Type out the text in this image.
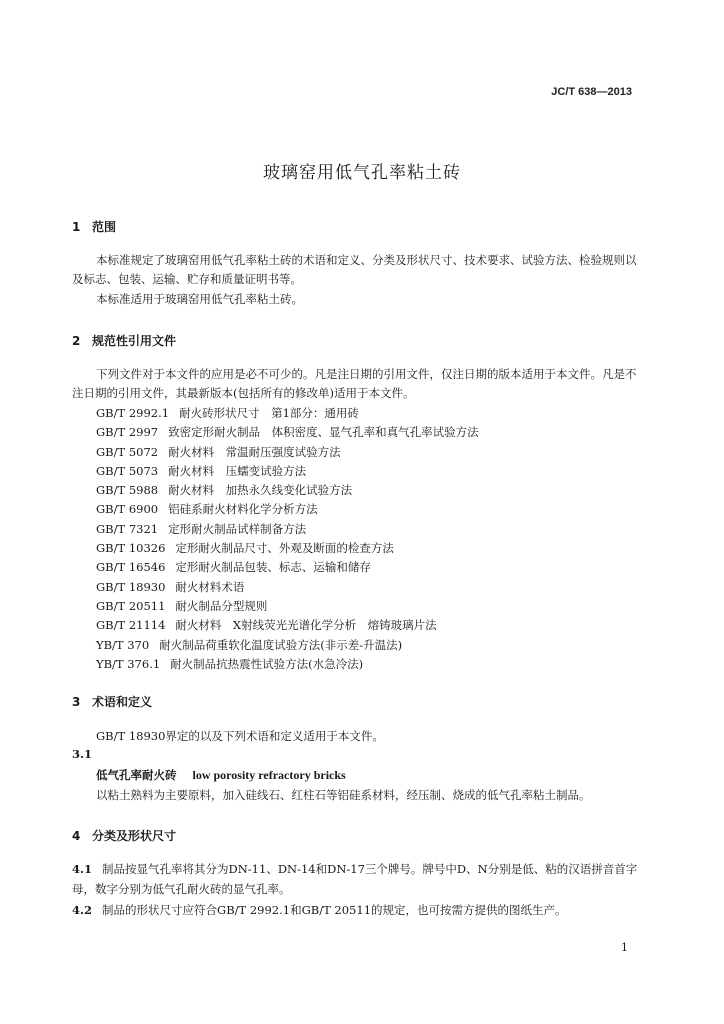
JC/T 638—2013
玻璃窑用低气孔率粘土砖
1 范围

本标准规定了玻璃窑用低气孔率粘土砖的术语和定义、分类及形状尺寸、技术要求、试验方法、检验规则以及标志、包装、运输、贮存和质量证明书等。

本标准适用于玻璃窑用低气孔率粘土砖。

2 规范性引用文件

下列文件对于本文件的应用是必不可少的。凡是注日期的引用文件，仅注日期的版本适用于本文件。凡是不注日期的引用文件，其最新版本(包括所有的修改单)适用于本文件。

GB/T 2992.1 耐火砖形状尺寸　第1部分：通用砖
GB/T 2997 致密定形耐火制品　体积密度、显气孔率和真气孔率试验方法
GB/T 5072 耐火材料　常温耐压强度试验方法
GB/T 5073 耐火材料　压蠕变试验方法
GB/T 5988 耐火材料　加热永久线变化试验方法
GB/T 6900 铝硅系耐火材料化学分析方法
GB/T 7321 定形耐火制品试样制备方法
GB/T 10326 定形耐火制品尺寸、外观及断面的检查方法
GB/T 16546 定形耐火制品包装、标志、运输和储存
GB/T 18930 耐火材料术语
GB/T 20511 耐火制品分型规则
GB/T 21114 耐火材料　X射线荧光光谱化学分析　熔铸玻璃片法
YB/T 370 耐火制品荷重软化温度试验方法(非示差-升温法)
YB/T 376.1 耐火制品抗热震性试验方法(水急冷法)
3 术语和定义
GB/T 18930界定的以及下列术语和定义适用于本文件。
3.1
低气孔率耐火砖 low porosity refractory bricks
以粘土熟料为主要原料，加入硅线石、红柱石等铝硅系材料，经压制、烧成的低气孔率粘土制品。
4 分类及形状尺寸

4.1 制品按显气孔率将其分为DN-11、DN-14和DN-17三个牌号。牌号中D、N分别是低、粘的汉语拼音首字母，数字分别为低气孔耐火砖的显气孔率。

4.2 制品的形状尺寸应符合GB/T 2992.1和GB/T 20511的规定，也可按需方提供的图纸生产。

1
